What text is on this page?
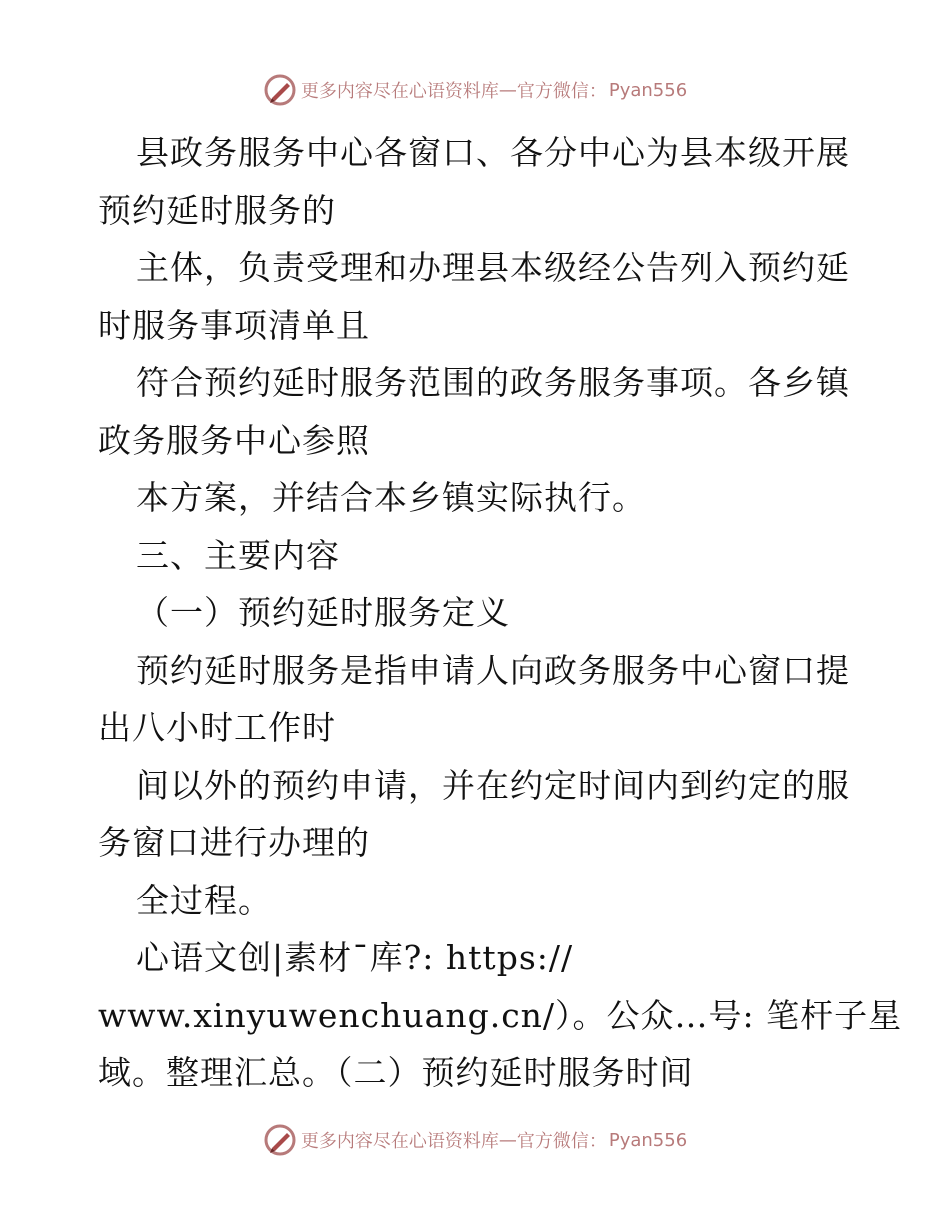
更多内容尽在心语资料库 — 官方微信： Pyan556
县政务服务中心各窗口、各分中心为县本级开展
预约延时服务的
主体，负责受理和办理县本级经公告列入预约延
时服务事项清单且
符合预约延时服务范围的政务服务事项。各乡镇
政务服务中心参照
本方案，并结合本乡镇实际执行。
三、主要内容
（一）预约延时服务定义
预约延时服务是指申请人向政务服务中心窗口提
出八小时工作时
间以外的预约申请，并在约定时间内到约定的服
务窗口进行办理的
全过程。
心语文创|素材¯库?: https://
www.xinyuwenchuang.cn/）。公众…号: 笔杆子星
域。整理汇总。（二）预约延时服务时间
更多内容尽在心语资料库 — 官方微信： Pyan556
